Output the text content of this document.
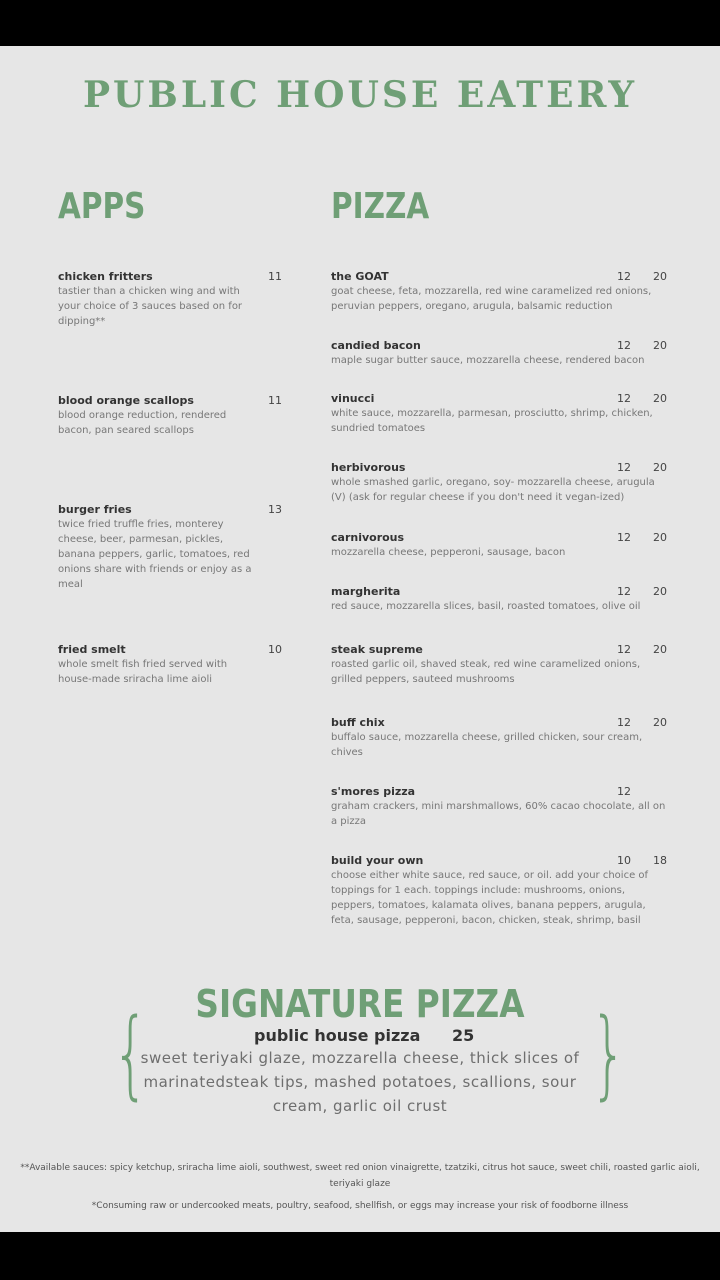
PUBLIC HOUSE EATERY
APPS
chicken fritters	11
tastier than a chicken wing and with your choice of 3 sauces based on for dipping**
blood orange scallops	11
blood orange reduction, rendered bacon, pan seared scallops
burger fries	13
twice fried truffle fries, monterey cheese, beer, parmesan, pickles, banana peppers, garlic, tomatoes, red onions share with friends or enjoy as a meal
fried smelt	10
whole smelt fish fried served with house-made sriracha lime aioli
PIZZA
the GOAT	12 20
goat cheese, feta, mozzarella, red wine caramelized red onions, peruvian peppers, oregano, arugula, balsamic reduction
candied bacon	12 20
maple sugar butter sauce, mozzarella cheese, rendered bacon
vinucci	12 20
white sauce, mozzarella, parmesan, prosciutto, shrimp, chicken, sundried tomatoes
herbivorous	12 20
whole smashed garlic, oregano, soy- mozzarella cheese, arugula (V) (ask for regular cheese if you don't need it vegan-ized)
carnivorous	12 20
mozzarella cheese, pepperoni, sausage, bacon
margherita	12 20
red sauce, mozzarella slices, basil, roasted tomatoes, olive oil
steak supreme	12 20
roasted garlic oil, shaved steak, red wine caramelized onions, grilled peppers, sauteed mushrooms
buff chix	12 20
buffalo sauce, mozzarella cheese, grilled chicken, sour cream, chives
s'mores pizza	12
graham crackers, mini marshmallows, 60% cacao chocolate, all on a pizza
build your own	10 18
choose either white sauce, red sauce, or oil. add your choice of toppings for 1 each. toppings include: mushrooms, onions, peppers, tomatoes, kalamata olives, banana peppers, arugula, feta, sausage, pepperoni, bacon, chicken, steak, shrimp, basil
{	}
SIGNATURE PIZZA
public house pizza 25
sweet teriyaki glaze, mozzarella cheese, thick slices of marinatedsteak tips, mashed potatoes, scallions, sour cream, garlic oil crust
**Available sauces: spicy ketchup, sriracha lime aioli, southwest, sweet red onion vinaigrette, tzatziki, citrus hot sauce, sweet chili, roasted garlic aioli, teriyaki glaze
*Consuming raw or undercooked meats, poultry, seafood, shellfish, or eggs may increase your risk of foodborne illness
